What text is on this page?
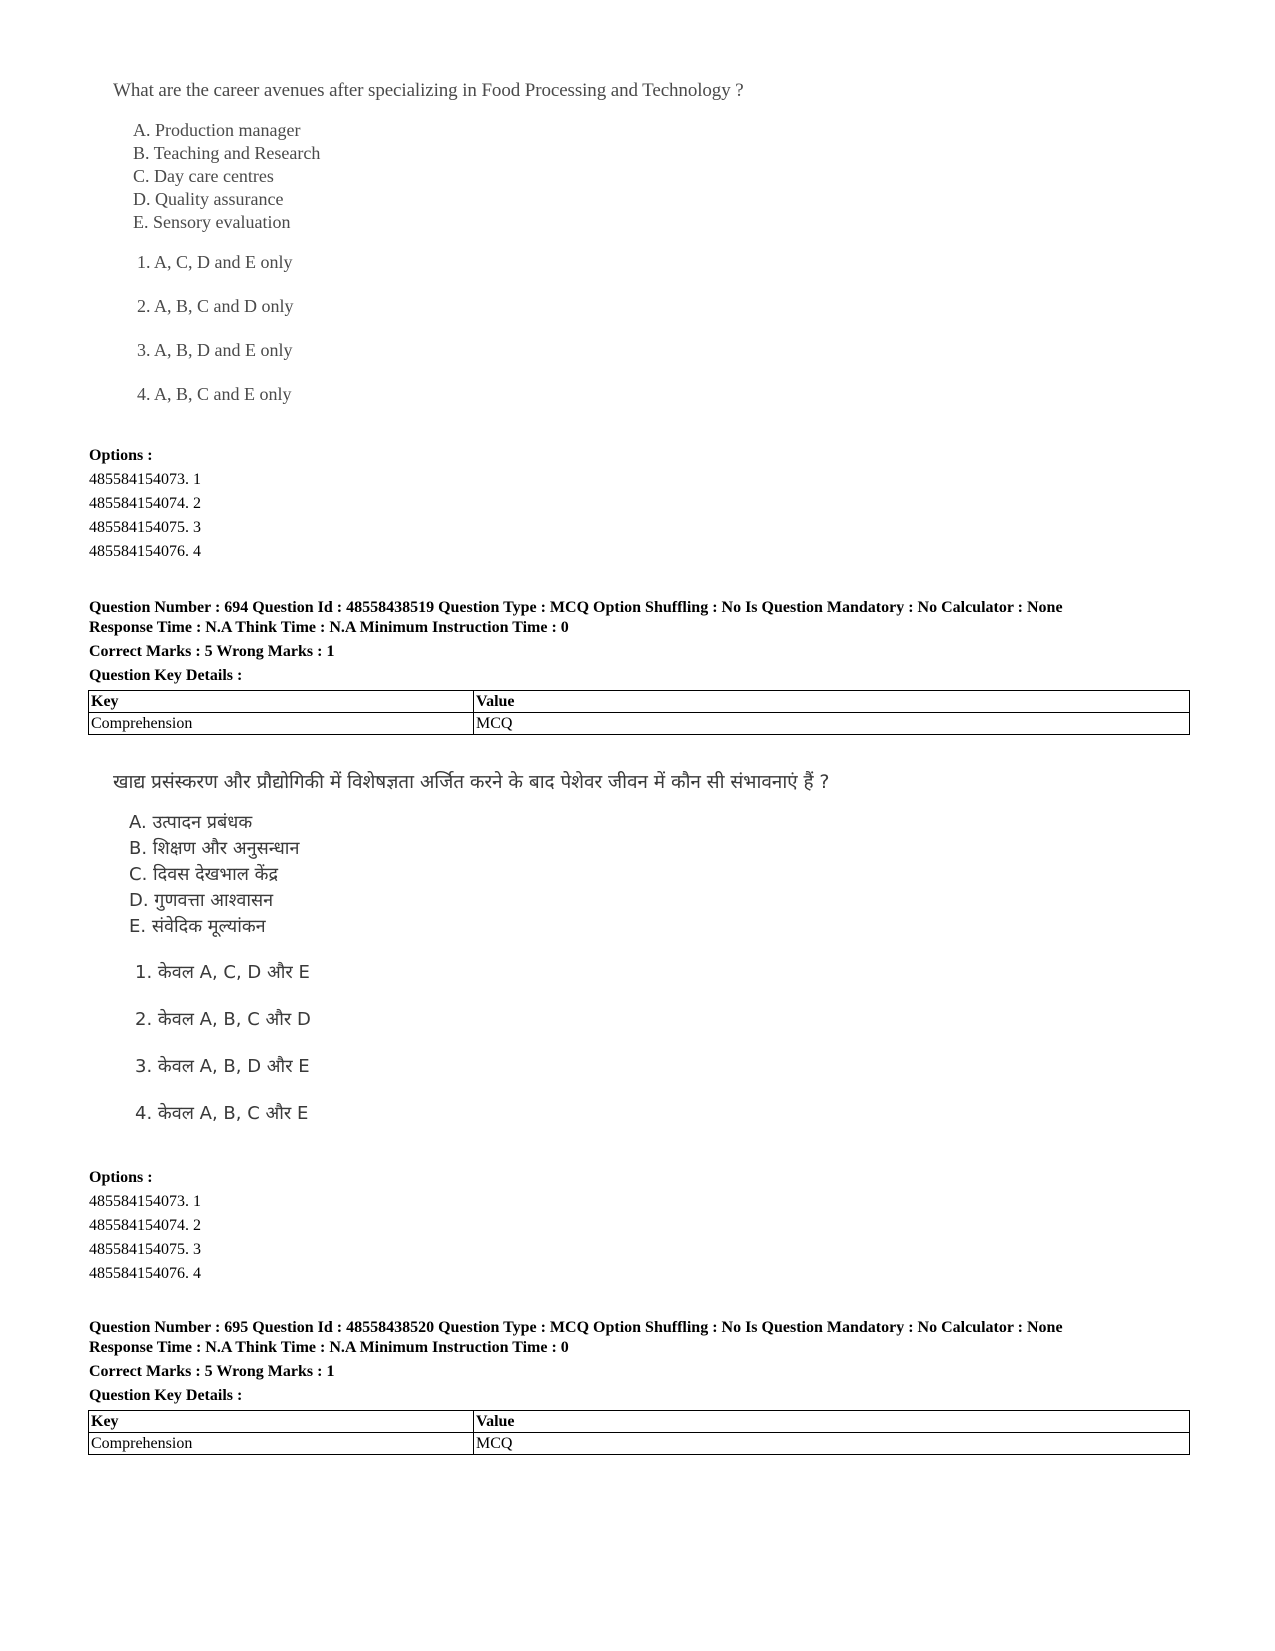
What are the career avenues after specializing in Food Processing and Technology ?
A. Production manager
B. Teaching and Research
C. Day care centres
D. Quality assurance
E. Sensory evaluation
1. A, C, D and E only
2. A, B, C and D only
3. A, B, D and E only
4. A, B, C and E only
Options :
485584154073. 1
485584154074. 2
485584154075. 3
485584154076. 4
Question Number : 694 Question Id : 48558438519 Question Type : MCQ Option Shuffling : No Is Question Mandatory : No Calculator : None
Response Time : N.A Think Time : N.A Minimum Instruction Time : 0
Correct Marks : 5 Wrong Marks : 1
Question Key Details :
Key	Value
Comprehension	MCQ
खाद्य प्रसंस्करण और प्रौद्योगिकी में विशेषज्ञता अर्जित करने के बाद पेशेवर जीवन में कौन सी संभावनाएं हैं ?
A. उत्पादन प्रबंधक
B. शिक्षण और अनुसन्धान
C. दिवस देखभाल केंद्र
D. गुणवत्ता आश्वासन
E. संवेदिक मूल्यांकन
1. केवल A, C, D और E
2. केवल A, B, C और D
3. केवल A, B, D और E
4. केवल A, B, C और E
Options :
485584154073. 1
485584154074. 2
485584154075. 3
485584154076. 4
Question Number : 695 Question Id : 48558438520 Question Type : MCQ Option Shuffling : No Is Question Mandatory : No Calculator : None
Response Time : N.A Think Time : N.A Minimum Instruction Time : 0
Correct Marks : 5 Wrong Marks : 1
Question Key Details :
Key	Value
Comprehension	MCQ
